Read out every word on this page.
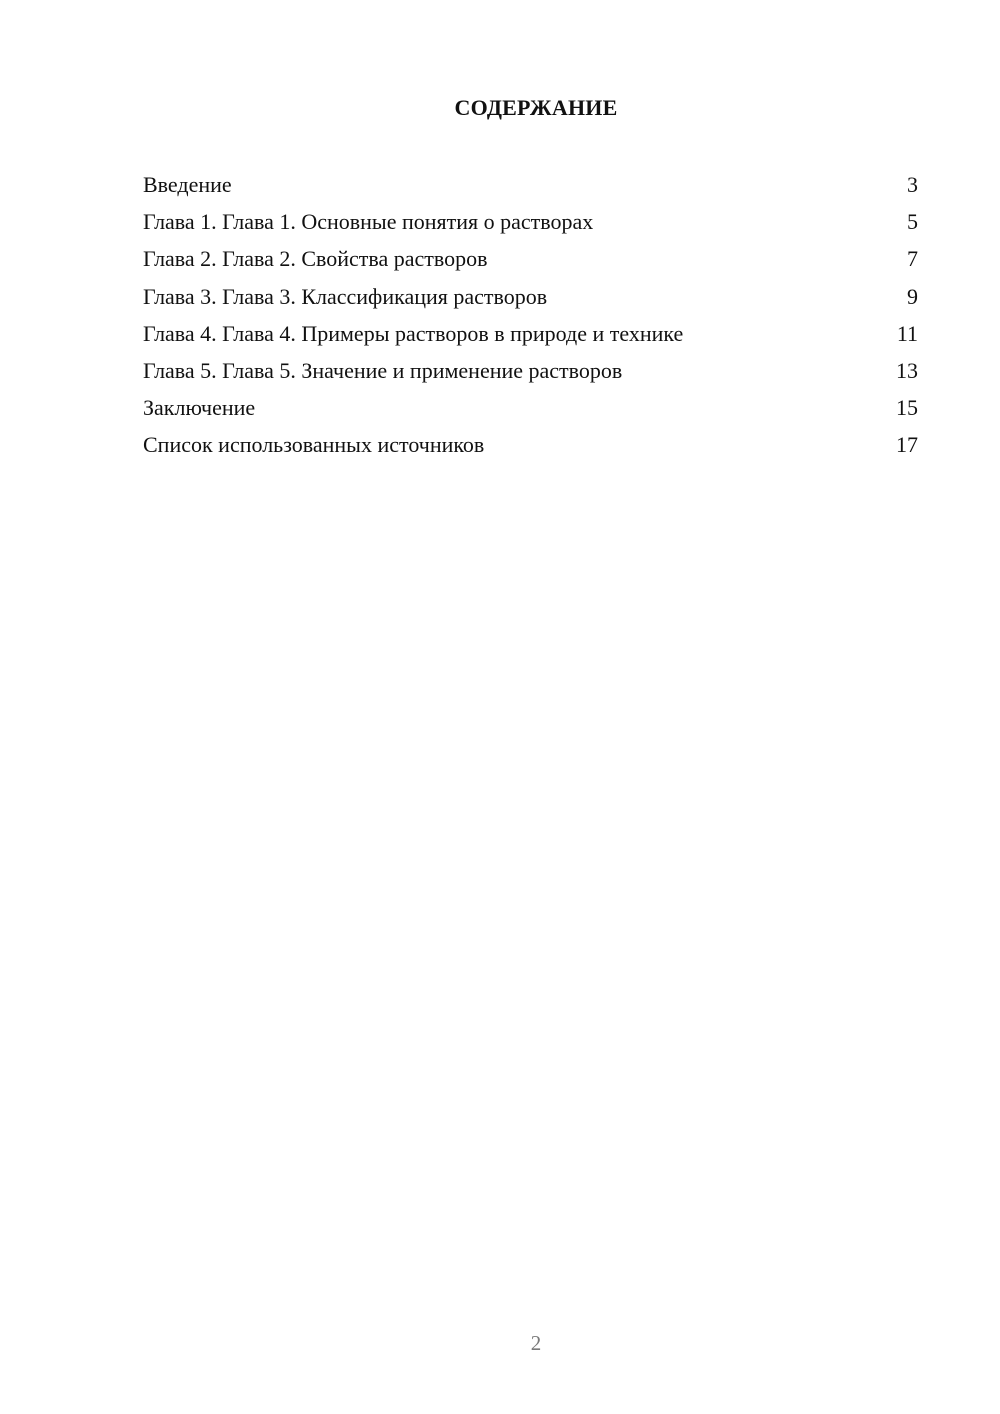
СОДЕРЖАНИЕ
Введение	3
Глава 1. Глава 1. Основные понятия о растворах	5
Глава 2. Глава 2. Свойства растворов	7
Глава 3. Глава 3. Классификация растворов	9
Глава 4. Глава 4. Примеры растворов в природе и технике	11
Глава 5. Глава 5. Значение и применение растворов	13
Заключение	15
Список использованных источников	17
2
